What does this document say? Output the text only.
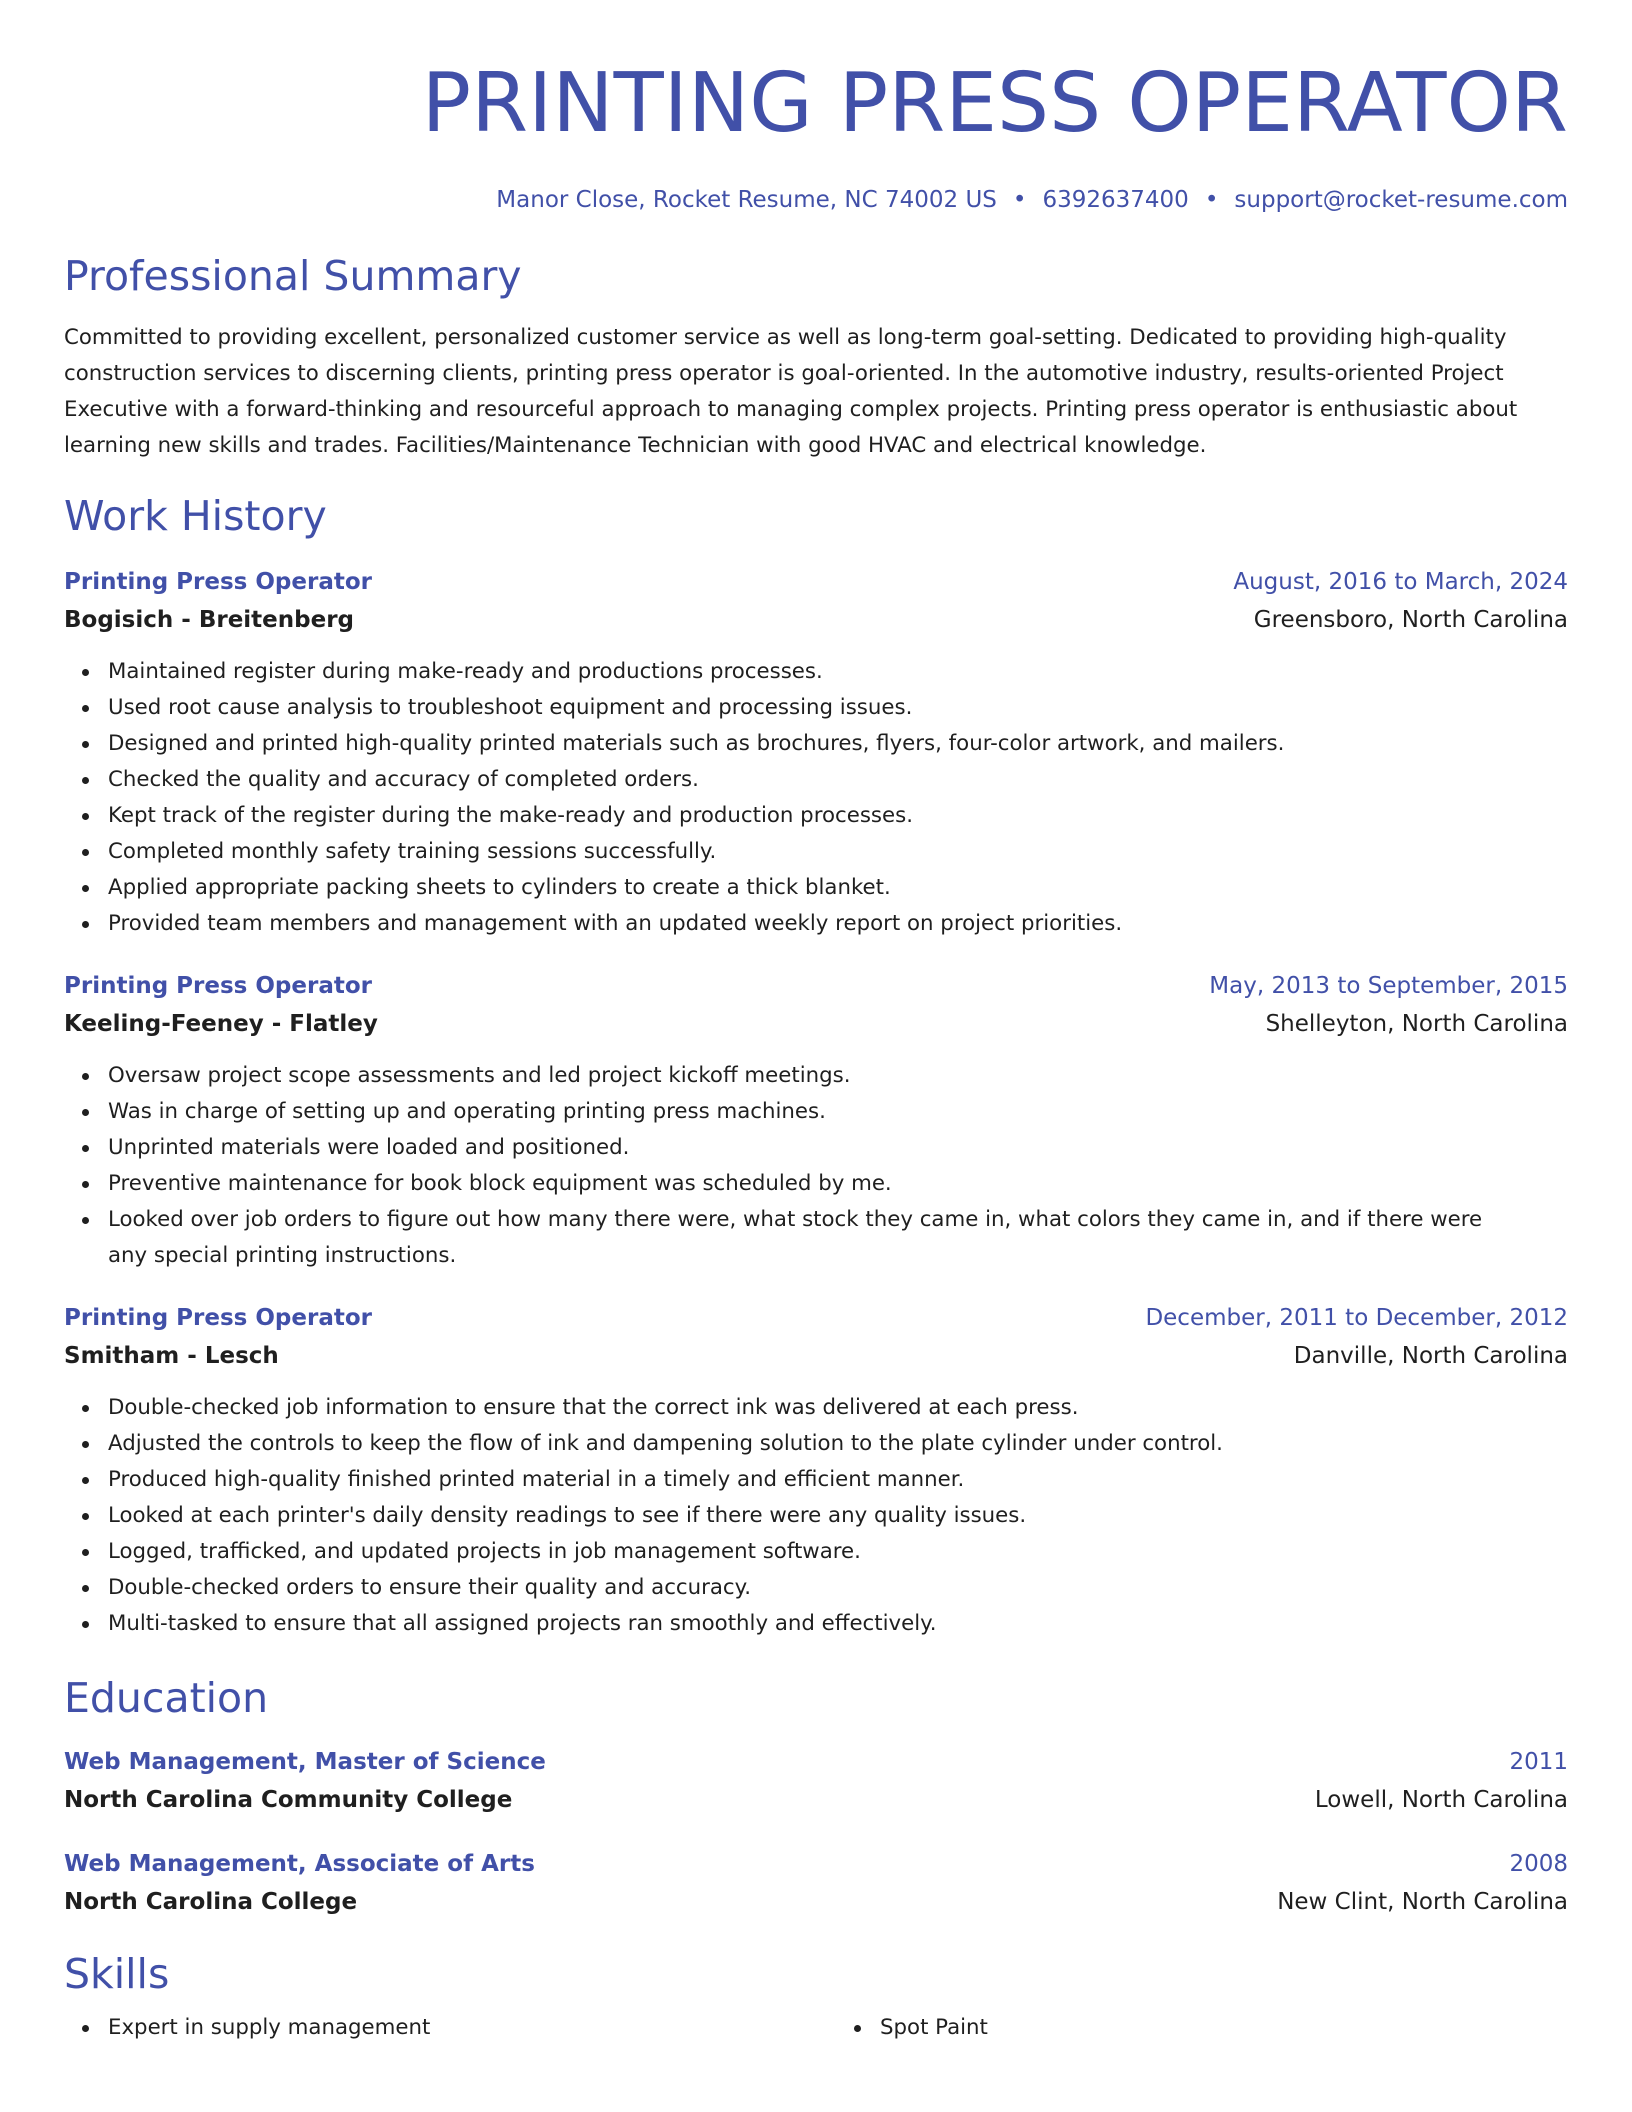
PRINTING PRESS OPERATOR
Manor Close, Rocket Resume, NC 74002 US • 6392637400 • support@rocket-resume.com
Professional Summary

Committed to providing excellent, personalized customer service as well as long-term goal-setting. Dedicated to providing high-quality construction services to discerning clients, printing press operator is goal-oriented. In the automotive industry, results-oriented Project Executive with a forward-thinking and resourceful approach to managing complex projects. Printing press operator is enthusiastic about learning new skills and trades. Facilities/Maintenance Technician with good HVAC and electrical knowledge.

Work History
Printing Press Operator	August, 2016 to March, 2024
Bogisich - Breitenberg	Greensboro, North Carolina
Maintained register during make-ready and productions processes.
Used root cause analysis to troubleshoot equipment and processing issues.
Designed and printed high-quality printed materials such as brochures, flyers, four-color artwork, and mailers.
Checked the quality and accuracy of completed orders.
Kept track of the register during the make-ready and production processes.
Completed monthly safety training sessions successfully.
Applied appropriate packing sheets to cylinders to create a thick blanket.
Provided team members and management with an updated weekly report on project priorities.
Printing Press Operator	May, 2013 to September, 2015
Keeling-Feeney - Flatley	Shelleyton, North Carolina
Oversaw project scope assessments and led project kickoff meetings.
Was in charge of setting up and operating printing press machines.
Unprinted materials were loaded and positioned.
Preventive maintenance for book block equipment was scheduled by me.
Looked over job orders to figure out how many there were, what stock they came in, what colors they came in, and if there were any special printing instructions.
Printing Press Operator	December, 2011 to December, 2012
Smitham - Lesch	Danville, North Carolina
Double-checked job information to ensure that the correct ink was delivered at each press.
Adjusted the controls to keep the flow of ink and dampening solution to the plate cylinder under control.
Produced high-quality finished printed material in a timely and efficient manner.
Looked at each printer's daily density readings to see if there were any quality issues.
Logged, trafficked, and updated projects in job management software.
Double-checked orders to ensure their quality and accuracy.
Multi-tasked to ensure that all assigned projects ran smoothly and effectively.
Education
Web Management, Master of Science	2011
North Carolina Community College	Lowell, North Carolina
Web Management, Associate of Arts	2008
North Carolina College	New Clint, North Carolina
Skills
Expert in supply management	Spot Paint
